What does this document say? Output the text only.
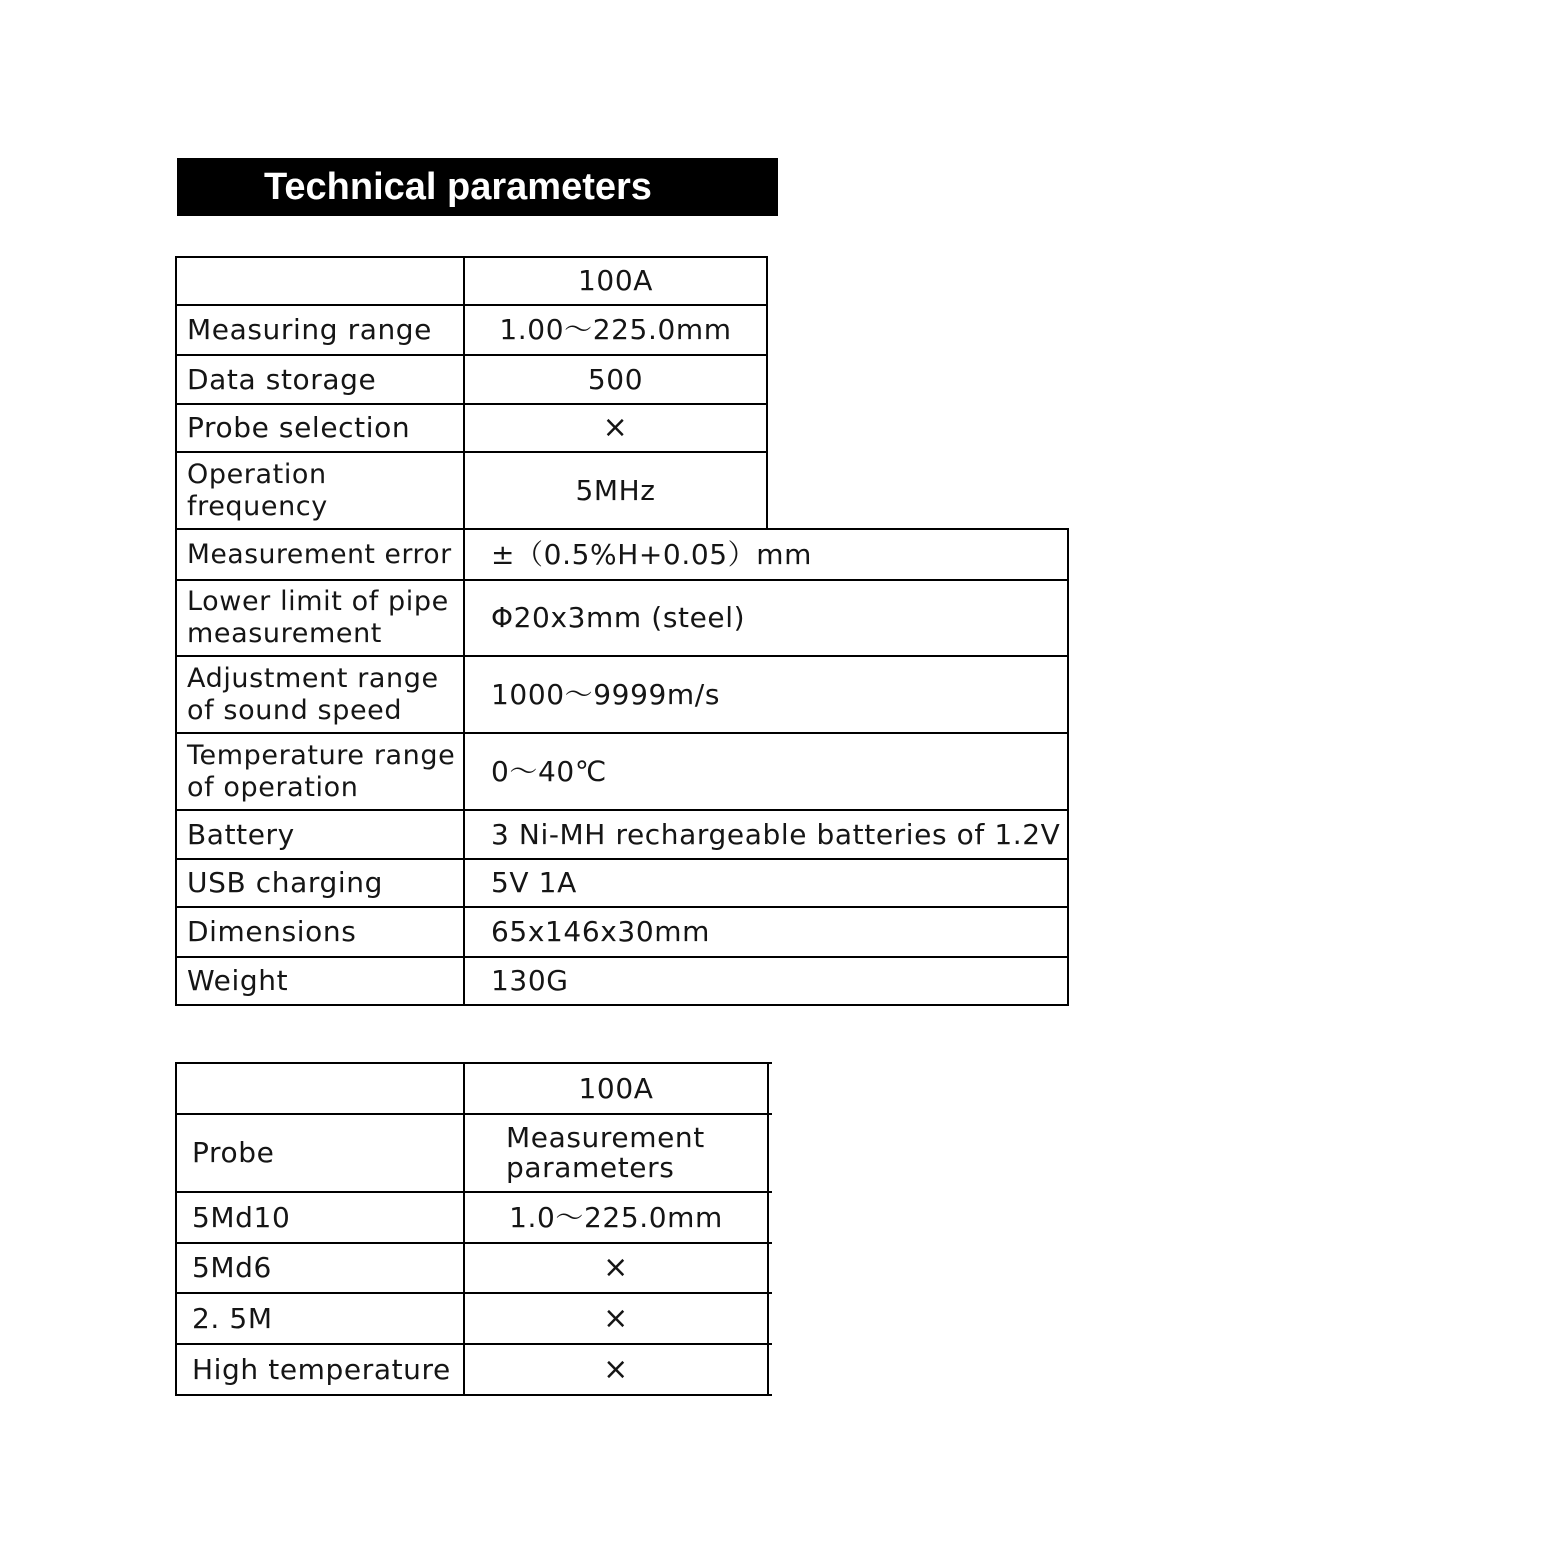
Technical parameters
100A
Measuring range 1.00～225.0mm
Data storage	500
Probe selection	×
Operation frequency	5MHz
Measurement error ±（0.5%H+0.05）mm
Lower limit of pipe measurement	Φ20x3mm (steel)
Adjustment range of sound speed	1000～9999m/s
Temperature range of operation	0～40℃
Battery	3 Ni-MH rechargeable batteries of 1.2V
USB charging	5V 1A
Dimensions	65x146x30mm
Weight	130G
100A
Probe	Measurement parameters
5Md10	1.0～225.0mm
5Md6	×
2. 5M	×
High temperature	×
